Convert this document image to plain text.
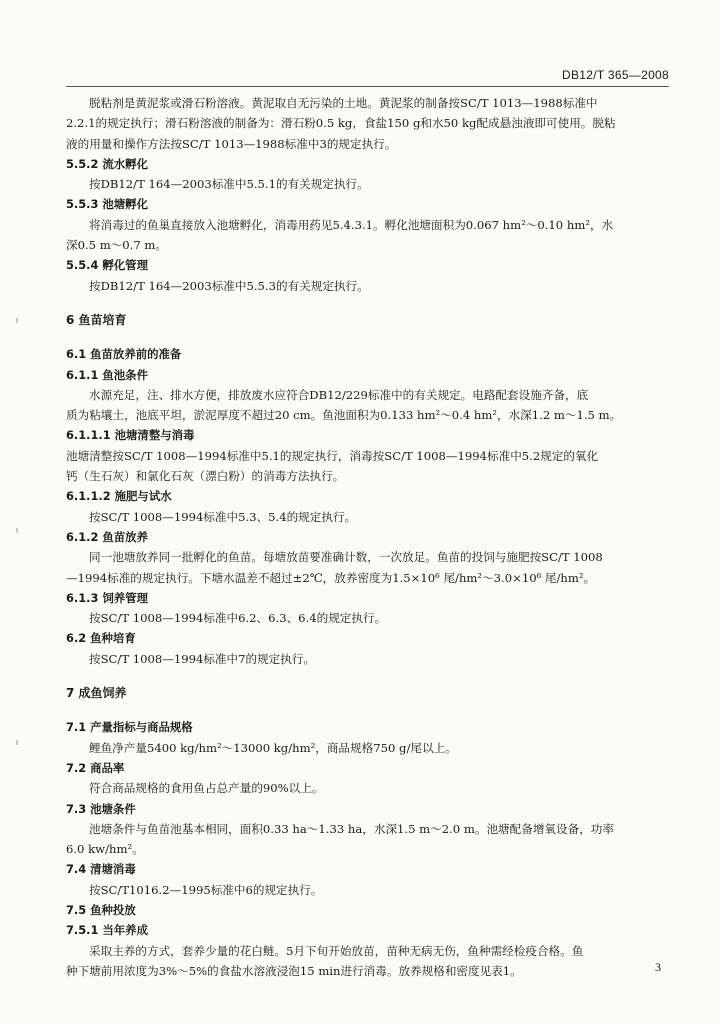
DB12/T 365—2008
脱粘剂是黄泥浆或滑石粉溶液。黄泥取自无污染的土地。黄泥浆的制备按SC/T 1013—1988标准中
2.2.1的规定执行；滑石粉溶液的制备为：滑石粉0.5 kg，食盐150 g和水50 kg配成悬浊液即可使用。脱粘
液的用量和操作方法按SC/T 1013—1988标准中3的规定执行。
5.5.2 流水孵化
按DB12/T 164—2003标准中5.5.1的有关规定执行。
5.5.3 池塘孵化
将消毒过的鱼巢直接放入池塘孵化，消毒用药见5.4.3.1。孵化池塘面积为0.067 hm²～0.10 hm²，水
深0.5 m～0.7 m。
5.5.4 孵化管理
按DB12/T 164—2003标准中5.5.3的有关规定执行。
6 鱼苗培育
6.1 鱼苗放养前的准备
6.1.1 鱼池条件
水源充足，注、排水方便，排放废水应符合DB12/229标准中的有关规定。电路配套设施齐备，底
质为粘壤土，池底平坦，淤泥厚度不超过20 cm。鱼池面积为0.133 hm²～0.4 hm²，水深1.2 m～1.5 m。
6.1.1.1 池塘清整与消毒
池塘清整按SC/T 1008—1994标准中5.1的规定执行，消毒按SC/T 1008—1994标准中5.2规定的氧化
钙（生石灰）和氯化石灰（漂白粉）的消毒方法执行。
6.1.1.2 施肥与试水
按SC/T 1008—1994标准中5.3、5.4的规定执行。
6.1.2 鱼苗放养
同一池塘放养同一批孵化的鱼苗。每塘放苗要准确计数，一次放足。鱼苗的投饲与施肥按SC/T 1008
—1994标准的规定执行。下塘水温差不超过±2℃，放养密度为1.5×10⁶ 尾/hm²～3.0×10⁶ 尾/hm²。
6.1.3 饲养管理
按SC/T 1008—1994标准中6.2、6.3、6.4的规定执行。
6.2 鱼种培育
按SC/T 1008—1994标准中7的规定执行。
7 成鱼饲养
7.1 产量指标与商品规格
鲤鱼净产量5400 kg/hm²～13000 kg/hm²，商品规格750 g/尾以上。
7.2 商品率
符合商品规格的食用鱼占总产量的90%以上。
7.3 池塘条件
池塘条件与鱼苗池基本相同，面积0.33 ha～1.33 ha，水深1.5 m～2.0 m。池塘配备增氧设备，功率
6.0 kw/hm²。
7.4 清塘消毒
按SC/T1016.2—1995标准中6的规定执行。
7.5 鱼种投放
7.5.1 当年养成
采取主养的方式，套养少量的花白鲢。5月下旬开始放苗，苗种无病无伤，鱼种需经检疫合格。鱼
种下塘前用浓度为3%～5%的食盐水溶液浸泡15 min进行消毒。放养规格和密度见表1。	3
